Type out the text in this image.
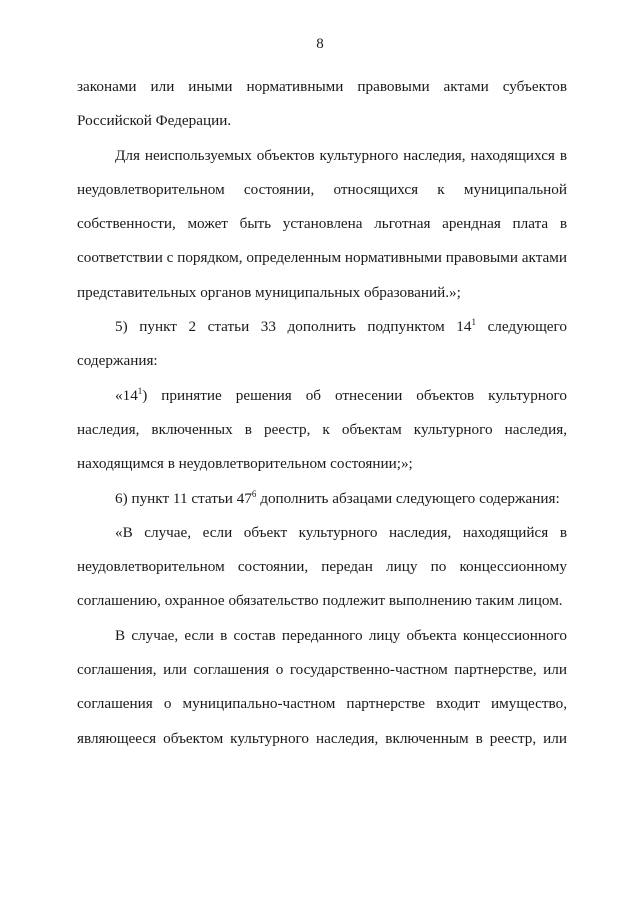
8

законами или иными нормативными правовыми актами субъектов Российской Федерации.

Для неиспользуемых объектов культурного наследия, находящихся в неудовлетворительном состоянии, относящихся к муниципальной собственности, может быть установлена льготная арендная плата в соответствии с порядком, определенным нормативными правовыми актами представительных органов муниципальных образований.»;

5) пункт 2 статьи 33 дополнить подпунктом $14^1$ следующего содержания:

«$14^1$) принятие решения об отнесении объектов культурного наследия, включенных в реестр, к объектам культурного наследия, находящимся в неудовлетворительном состоянии;»;

6) пункт 11 статьи $47^6$ дополнить абзацами следующего содержания:

«В случае, если объект культурного наследия, находящийся в неудовлетворительном состоянии, передан лицу по концессионному соглашению, охранное обязательство подлежит выполнению таким лицом.

В случае, если в состав переданного лицу объекта концессионного соглашения, или соглашения о государственно-частном партнерстве, или соглашения о муниципально-частном партнерстве входит имущество, являющееся объектом культурного наследия, включенным в реестр, или
